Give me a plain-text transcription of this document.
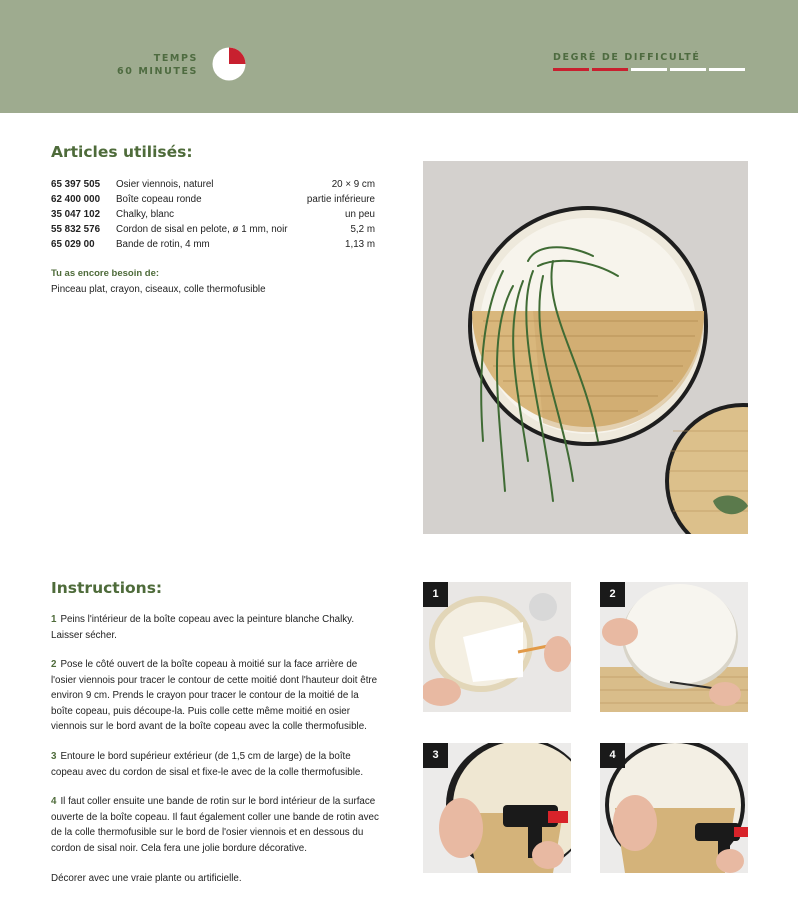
TEMPS
60 MINUTES
DEGRÉ DE DIFFICULTÉ
Articles utilisés:
65 397 505 Osier viennois, naturel	20 × 9 cm
62 400 000 Boîte copeau ronde	partie inférieure
35 047 102 Chalky, blanc	un peu
55 832 576 Cordon de sisal en pelote, ø 1 mm, noir	5,2 m
65 029 00 Bande de rotin, 4 mm	1,13 m
Tu as encore besoin de:
Pinceau plat, crayon, ciseaux, colle thermofusible
Instructions:
1 Peins l'intérieur de la boîte copeau avec la peinture blanche Chalky. Laisser sécher.
2 Pose le côté ouvert de la boîte copeau à moitié sur la face arrière de l'osier viennois pour tracer le contour de cette moitié dont l'hauteur doit être environ 9 cm. Prends le crayon pour tracer le contour de la moitié de la boîte copeau, puis découpe-la. Puis colle cette même moitié en osier viennois sur le bord avant de la boîte copeau avec la colle thermofusible.
3 Entoure le bord supérieur extérieur (de 1,5 cm de large) de la boîte copeau avec du cordon de sisal et fixe-le avec de la colle thermofusible.
4 Il faut coller ensuite une bande de rotin sur le bord intérieur de la surface ouverte de la boîte copeau. Il faut également coller une bande de rotin avec de la colle thermofusible sur le bord de l'osier viennois et en dessous du cordon de sisal noir. Cela fera une jolie bordure décorative.
Décorer avec une vraie plante ou artificielle.
1	2
3	4
